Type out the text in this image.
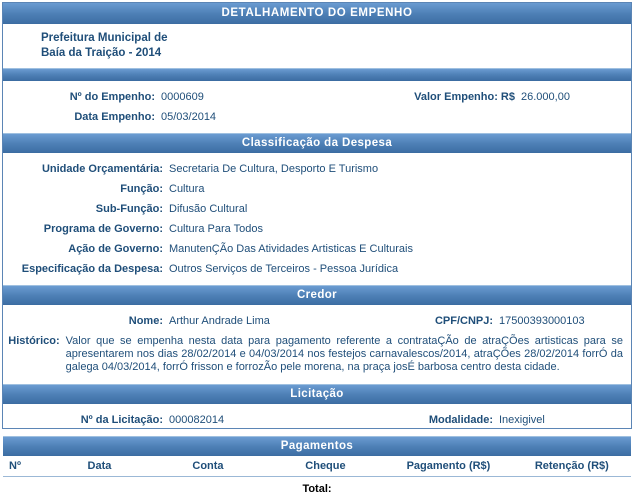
DETALHAMENTO DO EMPENHO
Prefeitura Municipal de
Baía da Traição - 2014
Nº do Empenho: 0000609	Valor Empenho: R$ 26.000,00
Data Empenho: 05/03/2014
Classificação da Despesa
Unidade Orçamentária: Secretaria De Cultura, Desporto E Turismo
Função: Cultura
Sub-Função: Difusão Cultural
Programa de Governo: Cultura Para Todos
Ação de Governo: ManutenÇÃo Das Atividades Artisticas E Culturais
Especificação da Despesa: Outros Serviços de Terceiros - Pessoa Jurídica
Credor
Nome: Arthur Andrade Lima	CPF/CNPJ: 17500393000103
Histórico: Valor que se empenha nesta data para pagamento referente a contrataÇÃo de atraÇÕes artisticas para se apresentarem nos dias 28/02/2014 e 04/03/2014 nos festejos carnavalescos/2014, atraÇÕes 28/02/2014 forrÓ da galega 04/03/2014, forrÓ frisson e forrozÃo pele morena, na praça josÉ barbosa centro desta cidade.
Licitação
Nº da Licitação: 000082014	Modalidade: Inexigivel
Pagamentos
Nº	Data	Conta	Cheque	Pagamento (R$)	Retenção (R$)
Total:
